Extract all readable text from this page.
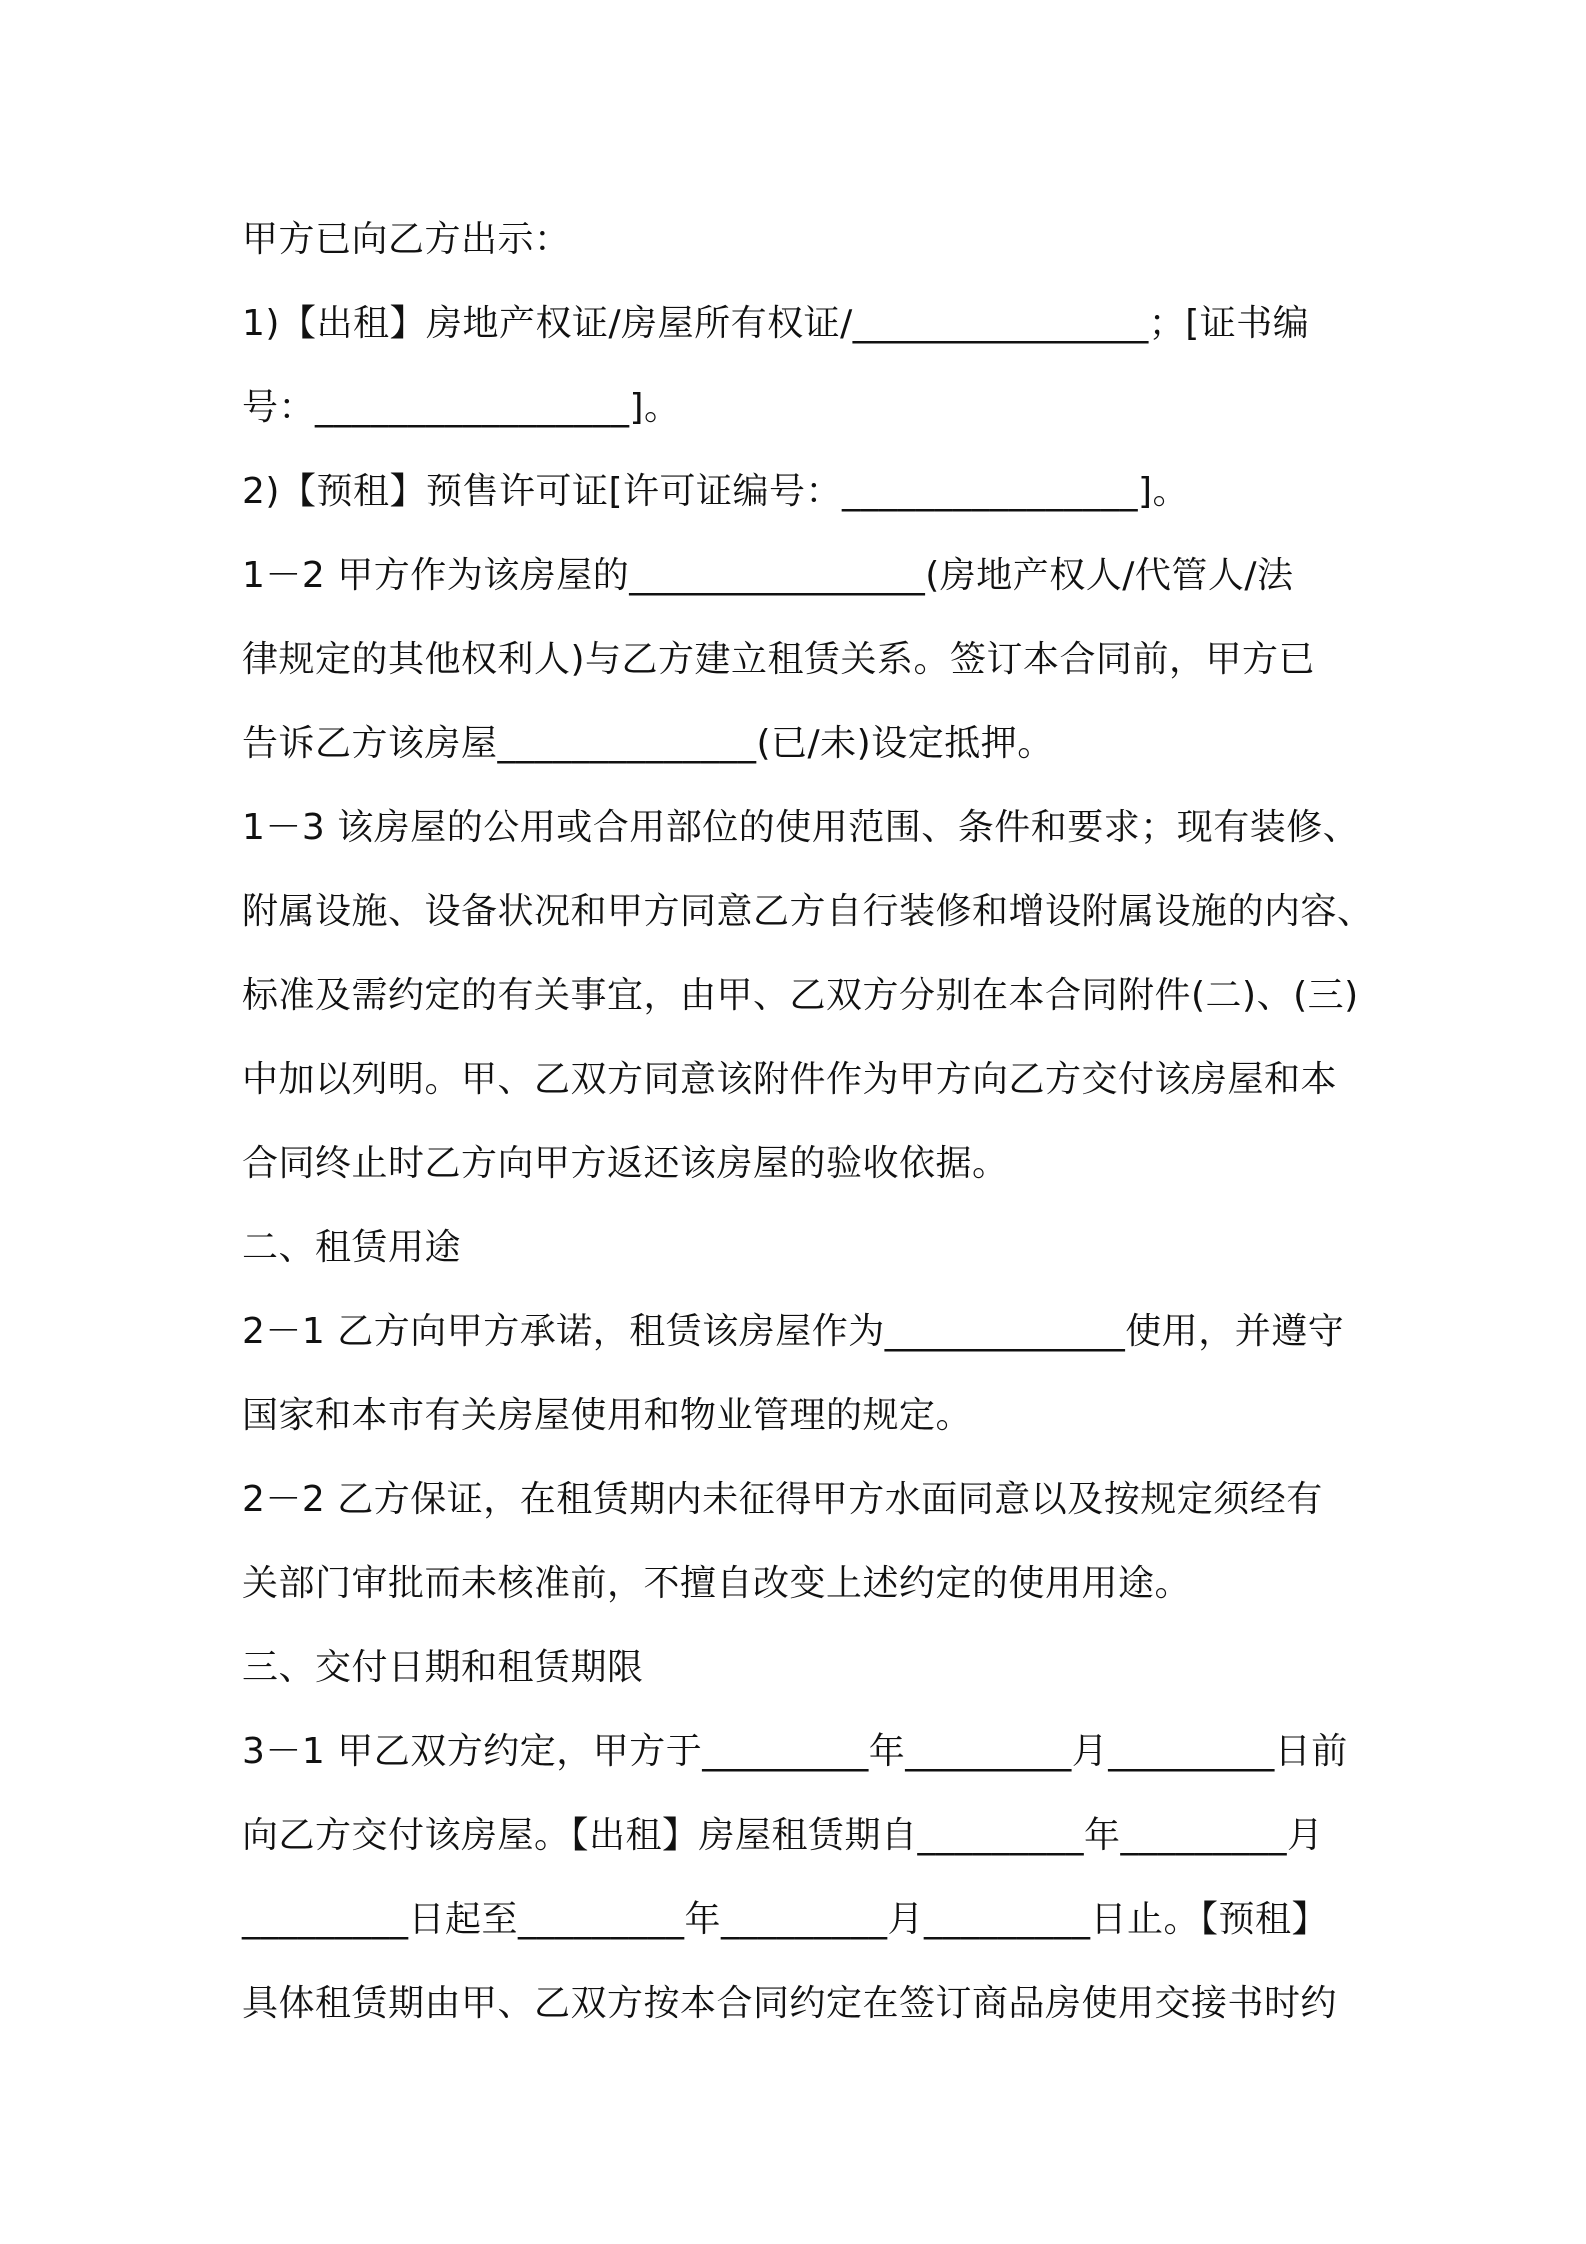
甲方已向乙方出示：
1)【出租】房地产权证/房屋所有权证/________________；[证书编
号：_________________]。
2)【预租】预售许可证[许可证编号：________________]。
1－2 甲方作为该房屋的________________(房地产权人/代管人/法
律规定的其他权利人)与乙方建立租赁关系。签订本合同前，甲方已
告诉乙方该房屋______________(已/未)设定抵押。
1－3 该房屋的公用或合用部位的使用范围、条件和要求；现有装修、
附属设施、设备状况和甲方同意乙方自行装修和增设附属设施的内容、
标准及需约定的有关事宜，由甲、乙双方分别在本合同附件(二)、(三)
中加以列明。甲、乙双方同意该附件作为甲方向乙方交付该房屋和本
合同终止时乙方向甲方返还该房屋的验收依据。
二、租赁用途
2－1 乙方向甲方承诺，租赁该房屋作为_____________使用，并遵守
国家和本市有关房屋使用和物业管理的规定。
2－2 乙方保证，在租赁期内未征得甲方水面同意以及按规定须经有
关部门审批而未核准前，不擅自改变上述约定的使用用途。
三、交付日期和租赁期限
3－1 甲乙双方约定，甲方于_________年_________月_________日前
向乙方交付该房屋。【出租】房屋租赁期自_________年_________月
_________日起至_________年_________月_________日止。【预租】
具体租赁期由甲、乙双方按本合同约定在签订商品房使用交接书时约
